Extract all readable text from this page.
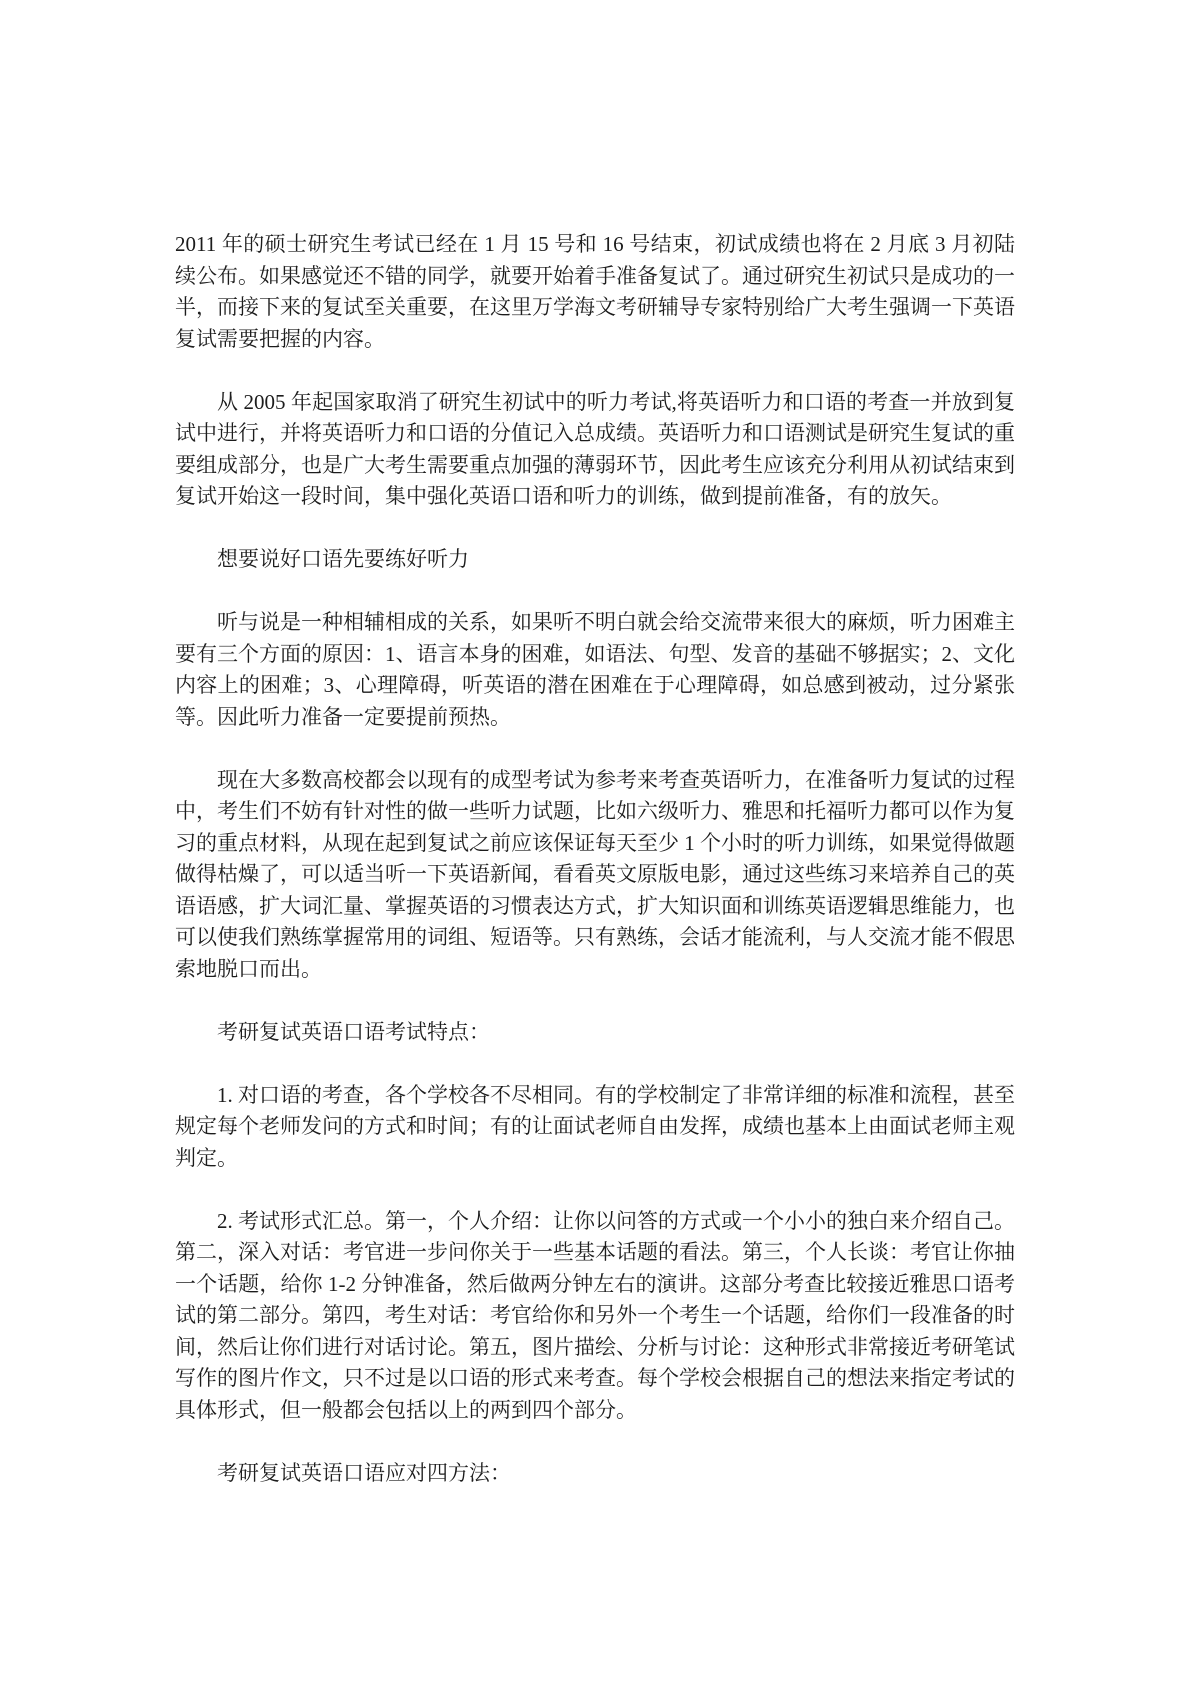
2011 年的硕士研究生考试已经在 1 月 15 号和 16 号结束，初试成绩也将在 2 月底 3 月初陆续公布。如果感觉还不错的同学，就要开始着手准备复试了。通过研究生初试只是成功的一半，而接下来的复试至关重要，在这里万学海文考研辅导专家特别给广大考生强调一下英语复试需要把握的内容。

从 2005 年起国家取消了研究生初试中的听力考试,将英语听力和口语的考查一并放到复试中进行，并将英语听力和口语的分值记入总成绩。英语听力和口语测试是研究生复试的重要组成部分，也是广大考生需要重点加强的薄弱环节，因此考生应该充分利用从初试结束到复试开始这一段时间，集中强化英语口语和听力的训练，做到提前准备，有的放矢。

想要说好口语先要练好听力

听与说是一种相辅相成的关系，如果听不明白就会给交流带来很大的麻烦，听力困难主要有三个方面的原因：1、语言本身的困难，如语法、句型、发音的基础不够据实；2、文化内容上的困难；3、心理障碍，听英语的潜在困难在于心理障碍，如总感到被动，过分紧张等。因此听力准备一定要提前预热。

现在大多数高校都会以现有的成型考试为参考来考查英语听力，在准备听力复试的过程中，考生们不妨有针对性的做一些听力试题，比如六级听力、雅思和托福听力都可以作为复习的重点材料，从现在起到复试之前应该保证每天至少 1 个小时的听力训练，如果觉得做题做得枯燥了，可以适当听一下英语新闻，看看英文原版电影，通过这些练习来培养自己的英语语感，扩大词汇量、掌握英语的习惯表达方式，扩大知识面和训练英语逻辑思维能力，也可以使我们熟练掌握常用的词组、短语等。只有熟练，会话才能流利，与人交流才能不假思索地脱口而出。

考研复试英语口语考试特点：

1. 对口语的考查，各个学校各不尽相同。有的学校制定了非常详细的标准和流程，甚至规定每个老师发问的方式和时间；有的让面试老师自由发挥，成绩也基本上由面试老师主观判定。

2. 考试形式汇总。第一，个人介绍：让你以问答的方式或一个小小的独白来介绍自己。第二，深入对话：考官进一步问你关于一些基本话题的看法。第三，个人长谈：考官让你抽一个话题，给你 1-2 分钟准备，然后做两分钟左右的演讲。这部分考查比较接近雅思口语考试的第二部分。第四，考生对话：考官给你和另外一个考生一个话题，给你们一段准备的时间，然后让你们进行对话讨论。第五，图片描绘、分析与讨论：这种形式非常接近考研笔试写作的图片作文，只不过是以口语的形式来考查。每个学校会根据自己的想法来指定考试的具体形式，但一般都会包括以上的两到四个部分。

考研复试英语口语应对四方法：
